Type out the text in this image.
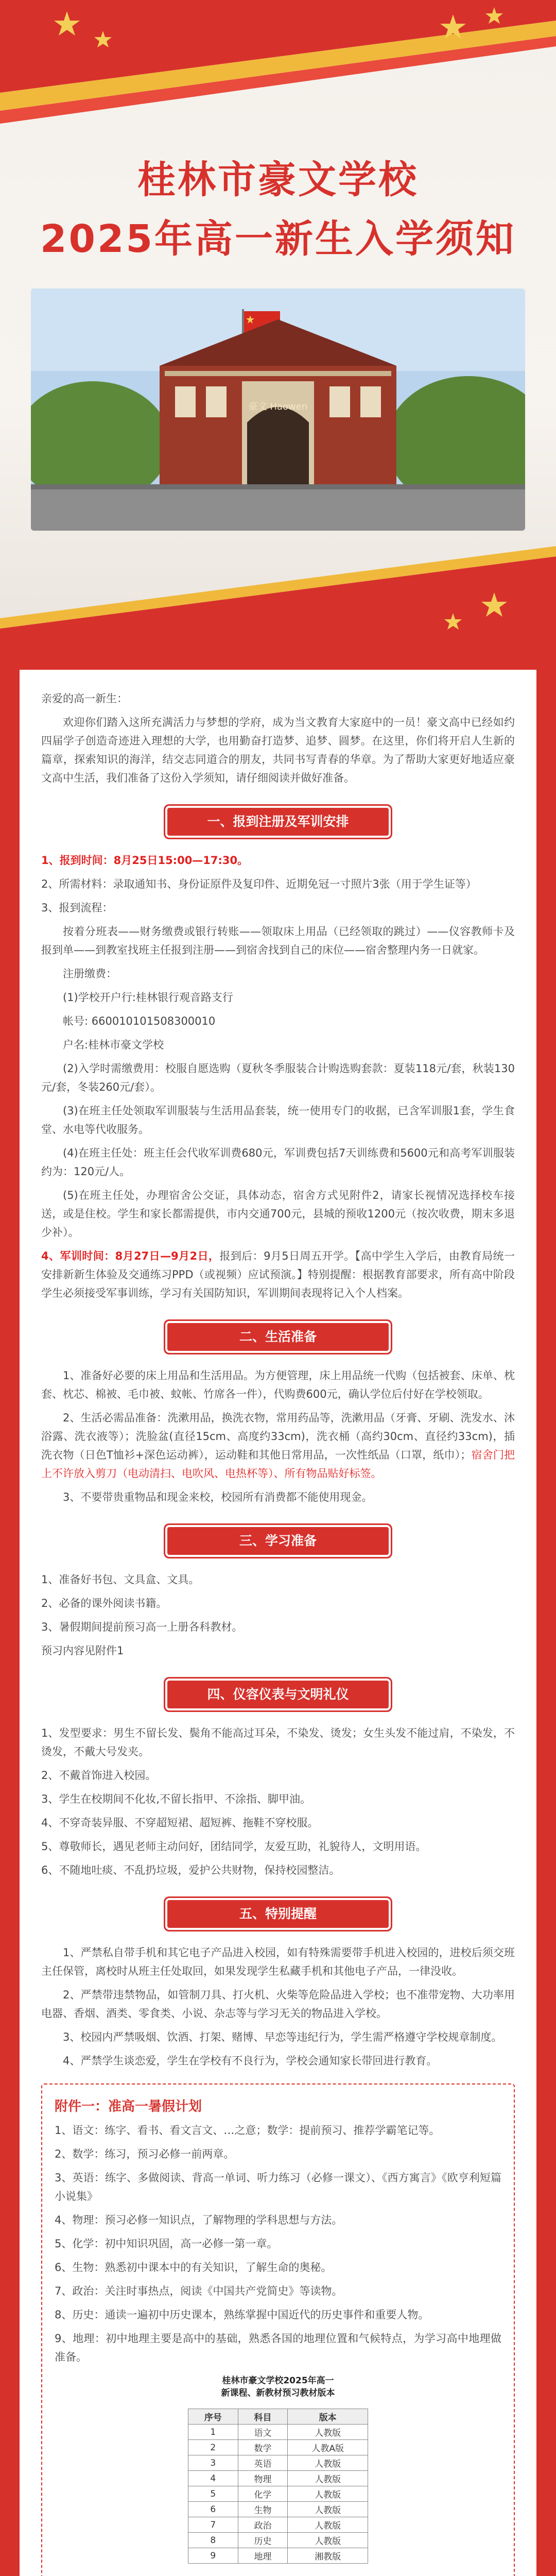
桂林市豪文学校
2025年高一新生入学须知
豪文 Haowen

亲爱的高一新生：

欢迎你们踏入这所充满活力与梦想的学府，成为当文教育大家庭中的一员！豪文高中已经如约四届学子创造奇迹进入理想的大学，也用勤奋打造梦、追梦、圆梦。在这里，你们将开启人生新的篇章，探索知识的海洋，结交志同道合的朋友，共同书写青春的华章。为了帮助大家更好地适应豪文高中生活，我们准备了这份入学须知，请仔细阅读并做好准备。

一、报到注册及军训安排

1、报到时间：8月25日15:00—17:30。

2、所需材料：录取通知书、身份证原件及复印件、近期免冠一寸照片3张（用于学生证等）

3、报到流程：

按着分班表——财务缴费或银行转账——领取床上用品（已经领取的跳过）——仪容教师卡及报到单——到教室找班主任报到注册——到宿舍找到自己的床位——宿舍整理内务一日就家。

注册缴费：

(1)学校开户行:桂林银行观音路支行

帐号: 660010101508300010

户名:桂林市豪文学校

(2)入学时需缴费用：校服自愿选购（夏秋冬季服装合计购选购套款：夏装118元/套，秋装130元/套，冬装260元/套）。

(3)在班主任处领取军训服装与生活用品套装，统一使用专门的收据，已含军训服1套，学生食堂、水电等代收服务。

(4)在班主任处：班主任会代收军训费680元，军训费包括7天训练费和5600元和高考军训服装约为：120元/人。

(5)在班主任处，办理宿舍公交证，具体动态，宿舍方式见附件2，请家长视情况选择校车接送，或是住校。学生和家长都需提供，市内交通700元，县城的预收1200元（按次收费，期末多退少补）。

4、军训时间：8月27日—9月2日，报到后：9月5日周五开学。【高中学生入学后，由教育局统一安排新新生体验及交通练习PPD（或视频）应试预演。】特别提醒：根据教育部要求，所有高中阶段学生必须接受军事训练，学习有关国防知识，军训期间表现将记入个人档案。

二、生活准备

1、准备好必要的床上用品和生活用品。为方便管理，床上用品统一代购（包括被套、床单、枕套、枕芯、棉被、毛巾被、蚊帐、竹席各一件），代购费600元，确认学位后付好在学校领取。

2、生活必需品准备：洗漱用品，换洗衣物，常用药品等，洗漱用品（牙膏、牙刷、洗发水、沐浴露、洗衣液等）；洗脸盆(直径15cm、高度约33cm)，洗衣桶（高约30cm、直径约33cm)，插洗衣物（日色T恤衫+深色运动裤），运动鞋和其他日常用品，一次性纸品（口罩，纸巾）；宿舍门把上不许放入剪刀（电动清扫、电吹风、电热杯等）、所有物品贴好标签。

3、不要带贵重物品和现金来校，校园所有消费都不能使用现金。

三、学习准备

1、准备好书包、文具盒、文具。

2、必备的课外阅读书籍。

3、暑假期间提前预习高一上册各科教材。

预习内容见附件1

四、仪容仪表与文明礼仪

1、发型要求：男生不留长发、鬓角不能高过耳朵，不染发、烫发；女生头发不能过肩，不染发，不烫发，不戴大号发夹。

2、不戴首饰进入校园。

3、学生在校期间不化妆,不留长指甲、不涂指、脚甲油。

4、不穿奇装异服、不穿超短裙、超短裤、拖鞋不穿校服。

5、尊敬师长，遇见老师主动问好，团结同学，友爱互助，礼貌待人，文明用语。

6、不随地吐痰、不乱扔垃圾，爱护公共财物，保持校园整洁。

五、特别提醒

1、严禁私自带手机和其它电子产品进入校园，如有特殊需要带手机进入校园的，进校后须交班主任保管，离校时从班主任处取回，如果发现学生私藏手机和其他电子产品，一律没收。

2、严禁带违禁物品，如管制刀具、打火机、火柴等危险品进入学校；也不准带宠物、大功率用电器、香烟、酒类、零食类、小说、杂志等与学习无关的物品进入学校。

3、校园内严禁吸烟、饮酒、打架、赌博、早恋等违纪行为，学生需严格遵守学校规章制度。

4、严禁学生谈恋爱，学生在学校有不良行为，学校会通知家长带回进行教育。

附件一：准高一暑假计划

1、语文：练字、看书、看文言文、…之意；数学：提前预习、推荐学霸笔记等。

2、数学：练习，预习必修一前两章。

3、英语：练字、多做阅读、背高一单词、听力练习（必修一课文）、《西方寓言》《欧亨利短篇小说集》

4、物理：预习必修一知识点，了解物理的学科思想与方法。

5、化学：初中知识巩固，高一必修一第一章。

6、生物：熟悉初中课本中的有关知识，了解生命的奥秘。

7、政治：关注时事热点，阅读《中国共产党简史》等读物。

8、历史：通读一遍初中历史课本，熟练掌握中国近代的历史事件和重要人物。

9、地理：初中地理主要是高中的基础，熟悉各国的地理位置和气候特点，为学习高中地理做准备。

桂林市豪文学校2025年高一
新课程、新教材预习教材版本
序号	科目	版本
1	语文	人教版
2	数学	人教A版
3	英语	人教版
4	物理	人教版
5	化学	人教版
6	生物	人教版
7	政治	人教版
8	历史	人教版
9	地理	湘教版
